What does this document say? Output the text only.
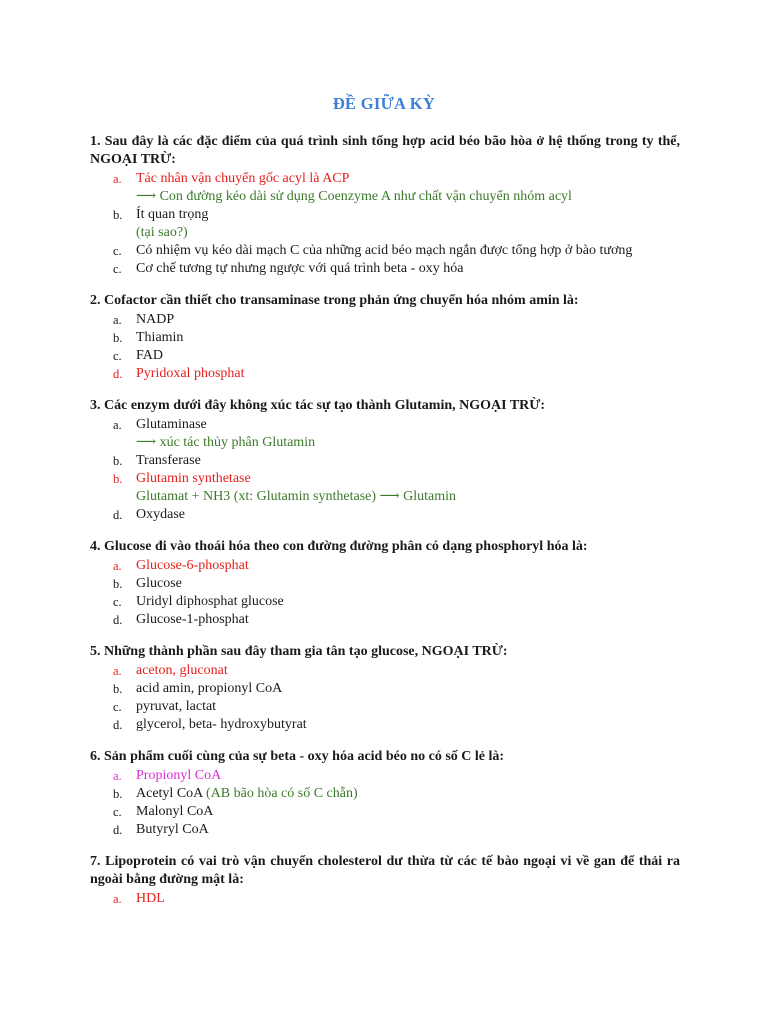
ĐỀ GIỮA KỲ

1. Sau đây là các đặc điểm của quá trình sinh tổng hợp acid béo bão hòa ở hệ thống trong ty thể, NGOẠI TRỪ:

a. Tác nhân vận chuyển gốc acyl là ACP
⟶ Con đường kéo dài sử dụng Coenzyme A như chất vận chuyển nhóm acyl
b. Ít quan trọng
(tại sao?)
c. Có nhiệm vụ kéo dài mạch C của những acid béo mạch ngắn được tổng hợp ở bào tương
c. Cơ chế tương tự nhưng ngược với quá trình beta - oxy hóa

2. Cofactor cần thiết cho transaminase trong phản ứng chuyển hóa nhóm amin là:

a. NADP
b. Thiamin
c. FAD
d. Pyridoxal phosphat

3. Các enzym dưới đây không xúc tác sự tạo thành Glutamin, NGOẠI TRỪ:

a. Glutaminase
⟶ xúc tác thủy phân Glutamin
b. Transferase
b. Glutamin synthetase
Glutamat + NH3 (xt: Glutamin synthetase) ⟶ Glutamin
d. Oxydase

4. Glucose đi vào thoái hóa theo con đường đường phân có dạng phosphoryl hóa là:

a. Glucose-6-phosphat
b. Glucose
c. Uridyl diphosphat glucose
d. Glucose-1-phosphat

5. Những thành phần sau đây tham gia tân tạo glucose, NGOẠI TRỪ:

a. aceton, gluconat
b. acid amin, propionyl CoA
c. pyruvat, lactat
d. glycerol, beta- hydroxybutyrat

6. Sản phẩm cuối cùng của sự beta - oxy hóa acid béo no có số C lẻ là:

a. Propionyl CoA
b. Acetyl CoA (AB bão hòa có số C chẵn)
c. Malonyl CoA
d. Butyryl CoA

7. Lipoprotein có vai trò vận chuyển cholesterol dư thừa từ các tế bào ngoại vi về gan để thải ra ngoài bằng đường mật là:

a. HDL
